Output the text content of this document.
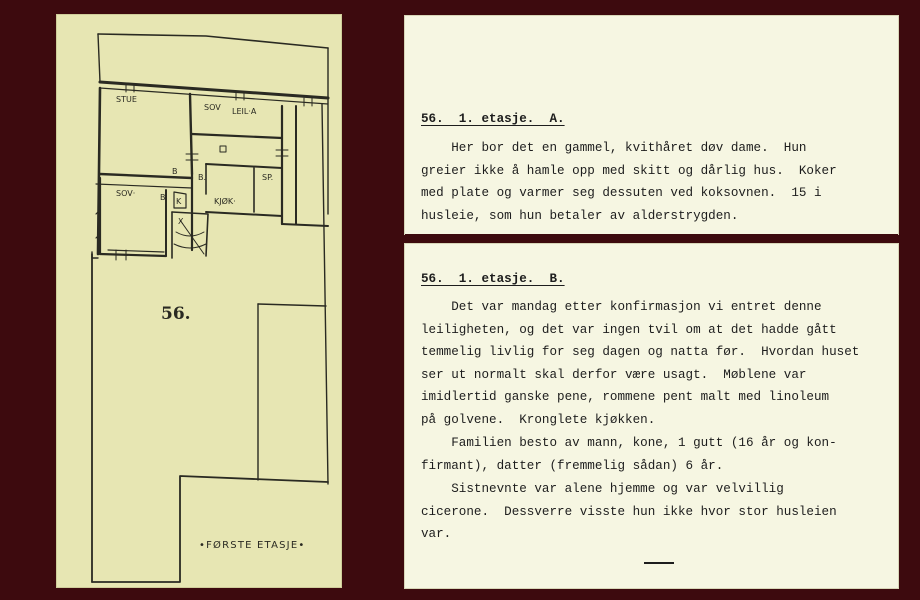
STUE
SOV LEIL·A
B
B.	SP.
KJØK·
SOV·	B K
X
56.
•FØRSTE ETASJE•
56.  1. etasje.  A.
Her bor det en gammel, kvithåret døv dame.  Hun
greier ikke å hamle opp med skitt og dårlig hus.  Koker
med plate og varmer seg dessuten ved koksovnen.  15 i
husleie, som hun betaler av alderstrygden.
56.  1. etasje.  B.
Det var mandag etter konfirmasjon vi entret denne
leiligheten, og det var ingen tvil om at det hadde gått
temmelig livlig for seg dagen og natta før.  Hvordan huset
ser ut normalt skal derfor være usagt.  Møblene var
imidlertid ganske pene, rommene pent malt med linoleum
på golvene.  Kronglete kjøkken.
Familien besto av mann, kone, 1 gutt (16 år og kon-
firmant), datter (fremmelig sådan) 6 år.
Sistnevnte var alene hjemme og var velvillig
cicerone.  Dessverre visste hun ikke hvor stor husleien
var.
